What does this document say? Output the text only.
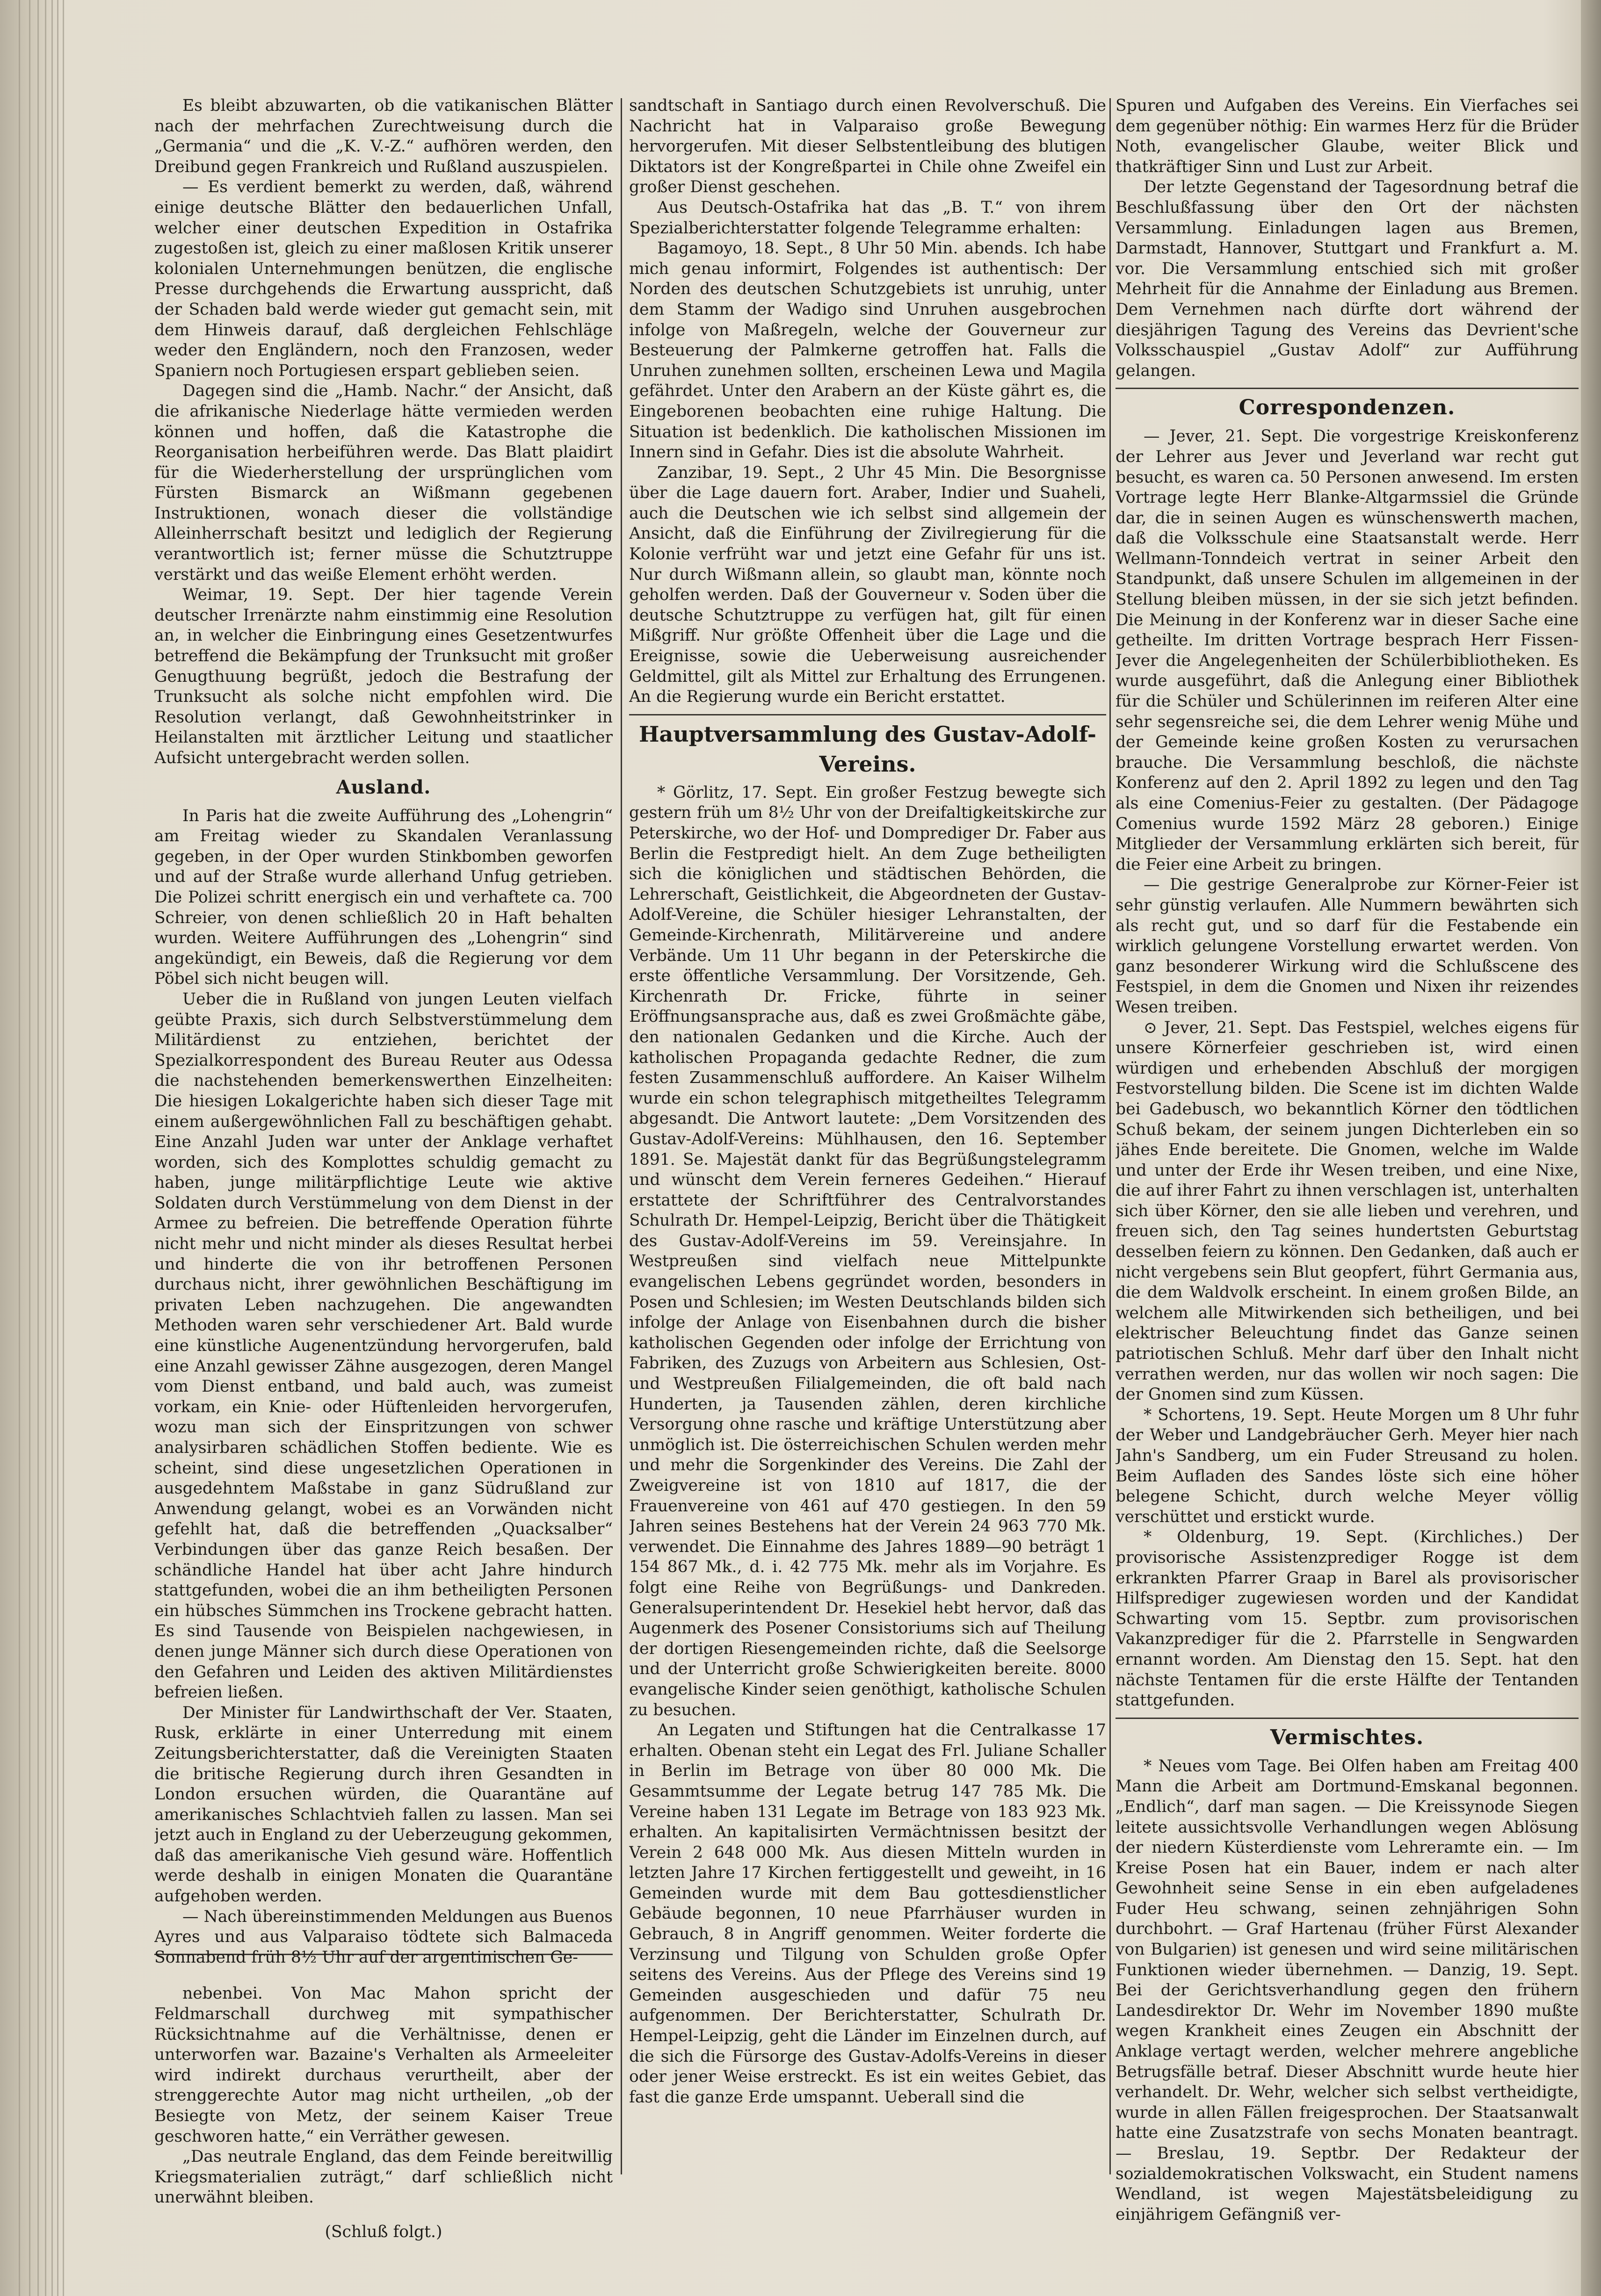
Es bleibt abzuwarten, ob die vatikanischen Blätter nach der mehrfachen Zurechtweisung durch die „Germania“ und die „K. V.-Z.“ aufhören werden, den Dreibund gegen Frankreich und Rußland auszuspielen.

— Es verdient bemerkt zu werden, daß, während einige deutsche Blätter den bedauerlichen Unfall, welcher einer deutschen Expedition in Ostafrika zugestoßen ist, gleich zu einer maßlosen Kritik unserer kolonialen Unternehmungen benützen, die englische Presse durchgehends die Erwartung ausspricht, daß der Schaden bald werde wieder gut gemacht sein, mit dem Hinweis darauf, daß dergleichen Fehlschläge weder den Engländern, noch den Franzosen, weder Spaniern noch Portugiesen erspart geblieben seien.

Dagegen sind die „Hamb. Nachr.“ der Ansicht, daß die afrikanische Niederlage hätte vermieden werden können und hoffen, daß die Katastrophe die Reorganisation herbeiführen werde. Das Blatt plaidirt für die Wiederherstellung der ursprünglichen vom Fürsten Bismarck an Wißmann gegebenen Instruktionen, wonach dieser die vollständige Alleinherrschaft besitzt und lediglich der Regierung verantwortlich ist; ferner müsse die Schutztruppe verstärkt und das weiße Element erhöht werden.

Weimar, 19. Sept. Der hier tagende Verein deutscher Irrenärzte nahm einstimmig eine Resolution an, in welcher die Einbringung eines Gesetzentwurfes betreffend die Bekämpfung der Trunksucht mit großer Genugthuung begrüßt, jedoch die Bestrafung der Trunksucht als solche nicht empfohlen wird. Die Resolution verlangt, daß Gewohnheitstrinker in Heilanstalten mit ärztlicher Leitung und staatlicher Aufsicht untergebracht werden sollen.

Ausland.

In Paris hat die zweite Aufführung des „Lohengrin“ am Freitag wieder zu Skandalen Veranlassung gegeben, in der Oper wurden Stinkbomben geworfen und auf der Straße wurde allerhand Unfug getrieben. Die Polizei schritt energisch ein und verhaftete ca. 700 Schreier, von denen schließlich 20 in Haft behalten wurden. Weitere Aufführungen des „Lohengrin“ sind angekündigt, ein Beweis, daß die Regierung vor dem Pöbel sich nicht beugen will.

Ueber die in Rußland von jungen Leuten vielfach geübte Praxis, sich durch Selbstverstümmelung dem Militärdienst zu entziehen, berichtet der Spezialkorrespondent des Bureau Reuter aus Odessa die nachstehenden bemerkenswerthen Einzelheiten: Die hiesigen Lokalgerichte haben sich dieser Tage mit einem außergewöhnlichen Fall zu beschäftigen gehabt. Eine Anzahl Juden war unter der Anklage verhaftet worden, sich des Komplottes schuldig gemacht zu haben, junge militärpflichtige Leute wie aktive Soldaten durch Verstümmelung von dem Dienst in der Armee zu befreien. Die betreffende Operation führte nicht mehr und nicht minder als dieses Resultat herbei und hinderte die von ihr betroffenen Personen durchaus nicht, ihrer gewöhnlichen Beschäftigung im privaten Leben nachzugehen. Die angewandten Methoden waren sehr verschiedener Art. Bald wurde eine künstliche Augenentzündung hervorgerufen, bald eine Anzahl gewisser Zähne ausgezogen, deren Mangel vom Dienst entband, und bald auch, was zumeist vorkam, ein Knie- oder Hüftenleiden hervorgerufen, wozu man sich der Einspritzungen von schwer analysirbaren schädlichen Stoffen bediente. Wie es scheint, sind diese ungesetzlichen Operationen in ausgedehntem Maßstabe in ganz Südrußland zur Anwendung gelangt, wobei es an Vorwänden nicht gefehlt hat, daß die betreffenden „Quacksalber“ Verbindungen über das ganze Reich besaßen. Der schändliche Handel hat über acht Jahre hindurch stattgefunden, wobei die an ihm betheiligten Personen ein hübsches Sümmchen ins Trockene gebracht hatten. Es sind Tausende von Beispielen nachgewiesen, in denen junge Männer sich durch diese Operationen von den Gefahren und Leiden des aktiven Militärdienstes befreien ließen.

Der Minister für Landwirthschaft der Ver. Staaten, Rusk, erklärte in einer Unterredung mit einem Zeitungsberichterstatter, daß die Vereinigten Staaten die britische Regierung durch ihren Gesandten in London ersuchen würden, die Quarantäne auf amerikanisches Schlachtvieh fallen zu lassen. Man sei jetzt auch in England zu der Ueberzeugung gekommen, daß das amerikanische Vieh gesund wäre. Hoffentlich werde deshalb in einigen Monaten die Quarantäne aufgehoben werden.

— Nach übereinstimmenden Meldungen aus Buenos Ayres und aus Valparaiso tödtete sich Balmaceda Sonnabend früh 8½ Uhr auf der argentinischen Ge-

nebenbei. Von Mac Mahon spricht der Feldmarschall durchweg mit sympathischer Rücksichtnahme auf die Verhältnisse, denen er unterworfen war. Bazaine's Verhalten als Armeeleiter wird indirekt durchaus verurtheilt, aber der strenggerechte Autor mag nicht urtheilen, „ob der Besiegte von Metz, der seinem Kaiser Treue geschworen hatte,“ ein Verräther gewesen.

„Das neutrale England, das dem Feinde bereitwillig Kriegsmaterialien zuträgt,“ darf schließlich nicht unerwähnt bleiben.

(Schluß folgt.)

sandtschaft in Santiago durch einen Revolverschuß. Die Nachricht hat in Valparaiso große Bewegung hervorgerufen. Mit dieser Selbstentleibung des blutigen Diktators ist der Kongreßpartei in Chile ohne Zweifel ein großer Dienst geschehen.

Aus Deutsch-Ostafrika hat das „B. T.“ von ihrem Spezialberichterstatter folgende Telegramme erhalten:

Bagamoyo, 18. Sept., 8 Uhr 50 Min. abends. Ich habe mich genau informirt, Folgendes ist authentisch: Der Norden des deutschen Schutzgebiets ist unruhig, unter dem Stamm der Wadigo sind Unruhen ausgebrochen infolge von Maßregeln, welche der Gouverneur zur Besteuerung der Palmkerne getroffen hat. Falls die Unruhen zunehmen sollten, erscheinen Lewa und Magila gefährdet. Unter den Arabern an der Küste gährt es, die Eingeborenen beobachten eine ruhige Haltung. Die Situation ist bedenklich. Die katholischen Missionen im Innern sind in Gefahr. Dies ist die absolute Wahrheit.

Zanzibar, 19. Sept., 2 Uhr 45 Min. Die Besorgnisse über die Lage dauern fort. Araber, Indier und Suaheli, auch die Deutschen wie ich selbst sind allgemein der Ansicht, daß die Einführung der Zivilregierung für die Kolonie verfrüht war und jetzt eine Gefahr für uns ist. Nur durch Wißmann allein, so glaubt man, könnte noch geholfen werden. Daß der Gouverneur v. Soden über die deutsche Schutztruppe zu verfügen hat, gilt für einen Mißgriff. Nur größte Offenheit über die Lage und die Ereignisse, sowie die Ueberweisung ausreichender Geldmittel, gilt als Mittel zur Erhaltung des Errungenen. An die Regierung wurde ein Bericht erstattet.

Hauptversammlung des Gustav-Adolf-Vereins.

* Görlitz, 17. Sept. Ein großer Festzug bewegte sich gestern früh um 8½ Uhr von der Dreifaltigkeitskirche zur Peterskirche, wo der Hof- und Domprediger Dr. Faber aus Berlin die Festpredigt hielt. An dem Zuge betheiligten sich die königlichen und städtischen Behörden, die Lehrerschaft, Geistlichkeit, die Abgeordneten der Gustav-Adolf-Vereine, die Schüler hiesiger Lehranstalten, der Gemeinde-Kirchenrath, Militärvereine und andere Verbände. Um 11 Uhr begann in der Peterskirche die erste öffentliche Versammlung. Der Vorsitzende, Geh. Kirchenrath Dr. Fricke, führte in seiner Eröffnungsansprache aus, daß es zwei Großmächte gäbe, den nationalen Gedanken und die Kirche. Auch der katholischen Propaganda gedachte Redner, die zum festen Zusammenschluß auffordere. An Kaiser Wilhelm wurde ein schon telegraphisch mitgetheiltes Telegramm abgesandt. Die Antwort lautete: „Dem Vorsitzenden des Gustav-Adolf-Vereins: Mühlhausen, den 16. September 1891. Se. Majestät dankt für das Begrüßungstelegramm und wünscht dem Verein ferneres Gedeihen.“ Hierauf erstattete der Schriftführer des Centralvorstandes Schulrath Dr. Hempel-Leipzig, Bericht über die Thätigkeit des Gustav-Adolf-Vereins im 59. Vereinsjahre. In Westpreußen sind vielfach neue Mittelpunkte evangelischen Lebens gegründet worden, besonders in Posen und Schlesien; im Westen Deutschlands bilden sich infolge der Anlage von Eisenbahnen durch die bisher katholischen Gegenden oder infolge der Errichtung von Fabriken, des Zuzugs von Arbeitern aus Schlesien, Ost- und Westpreußen Filialgemeinden, die oft bald nach Hunderten, ja Tausenden zählen, deren kirchliche Versorgung ohne rasche und kräftige Unterstützung aber unmöglich ist. Die österreichischen Schulen werden mehr und mehr die Sorgenkinder des Vereins. Die Zahl der Zweigvereine ist von 1810 auf 1817, die der Frauenvereine von 461 auf 470 gestiegen. In den 59 Jahren seines Bestehens hat der Verein 24 963 770 Mk. verwendet. Die Einnahme des Jahres 1889—90 beträgt 1 154 867 Mk., d. i. 42 775 Mk. mehr als im Vorjahre. Es folgt eine Reihe von Begrüßungs- und Dankreden. Generalsuperintendent Dr. Hesekiel hebt hervor, daß das Augenmerk des Posener Consistoriums sich auf Theilung der dortigen Riesengemeinden richte, daß die Seelsorge und der Unterricht große Schwierigkeiten bereite. 8000 evangelische Kinder seien genöthigt, katholische Schulen zu besuchen.

An Legaten und Stiftungen hat die Centralkasse 17 erhalten. Obenan steht ein Legat des Frl. Juliane Schaller in Berlin im Betrage von über 80 000 Mk. Die Gesammtsumme der Legate betrug 147 785 Mk. Die Vereine haben 131 Legate im Betrage von 183 923 Mk. erhalten. An kapitalisirten Vermächtnissen besitzt der Verein 2 648 000 Mk. Aus diesen Mitteln wurden in letzten Jahre 17 Kirchen fertiggestellt und geweiht, in 16 Gemeinden wurde mit dem Bau gottesdienstlicher Gebäude begonnen, 10 neue Pfarrhäuser wurden in Gebrauch, 8 in Angriff genommen. Weiter forderte die Verzinsung und Tilgung von Schulden große Opfer seitens des Vereins. Aus der Pflege des Vereins sind 19 Gemeinden ausgeschieden und dafür 75 neu aufgenommen. Der Berichterstatter, Schulrath Dr. Hempel-Leipzig, geht die Länder im Einzelnen durch, auf die sich die Fürsorge des Gustav-Adolfs-Vereins in dieser oder jener Weise erstreckt. Es ist ein weites Gebiet, das fast die ganze Erde umspannt. Ueberall sind die

Spuren und Aufgaben des Vereins. Ein Vierfaches sei dem gegenüber nöthig: Ein warmes Herz für die Brüder Noth, evangelischer Glaube, weiter Blick und thatkräftiger Sinn und Lust zur Arbeit.

Der letzte Gegenstand der Tagesordnung betraf die Beschlußfassung über den Ort der nächsten Versammlung. Einladungen lagen aus Bremen, Darmstadt, Hannover, Stuttgart und Frankfurt a. M. vor. Die Versammlung entschied sich mit großer Mehrheit für die Annahme der Einladung aus Bremen. Dem Vernehmen nach dürfte dort während der diesjährigen Tagung des Vereins das Devrient'sche Volksschauspiel „Gustav Adolf“ zur Aufführung gelangen.

Correspondenzen.

— Jever, 21. Sept. Die vorgestrige Kreiskonferenz der Lehrer aus Jever und Jeverland war recht gut besucht, es waren ca. 50 Personen anwesend. Im ersten Vortrage legte Herr Blanke-Altgarmssiel die Gründe dar, die in seinen Augen es wünschenswerth machen, daß die Volksschule eine Staatsanstalt werde. Herr Wellmann-Tonndeich vertrat in seiner Arbeit den Standpunkt, daß unsere Schulen im allgemeinen in der Stellung bleiben müssen, in der sie sich jetzt befinden. Die Meinung in der Konferenz war in dieser Sache eine getheilte. Im dritten Vortrage besprach Herr Fissen-Jever die Angelegenheiten der Schülerbibliotheken. Es wurde ausgeführt, daß die Anlegung einer Bibliothek für die Schüler und Schülerinnen im reiferen Alter eine sehr segensreiche sei, die dem Lehrer wenig Mühe und der Gemeinde keine großen Kosten zu verursachen brauche. Die Versammlung beschloß, die nächste Konferenz auf den 2. April 1892 zu legen und den Tag als eine Comenius-Feier zu gestalten. (Der Pädagoge Comenius wurde 1592 März 28 geboren.) Einige Mitglieder der Versammlung erklärten sich bereit, für die Feier eine Arbeit zu bringen.

— Die gestrige Generalprobe zur Körner-Feier ist sehr günstig verlaufen. Alle Nummern bewährten sich als recht gut, und so darf für die Festabende ein wirklich gelungene Vorstellung erwartet werden. Von ganz besonderer Wirkung wird die Schlußscene des Festspiel, in dem die Gnomen und Nixen ihr reizendes Wesen treiben.

⊙ Jever, 21. Sept. Das Festspiel, welches eigens für unsere Körnerfeier geschrieben ist, wird einen würdigen und erhebenden Abschluß der morgigen Festvorstellung bilden. Die Scene ist im dichten Walde bei Gadebusch, wo bekanntlich Körner den tödtlichen Schuß bekam, der seinem jungen Dichterleben ein so jähes Ende bereitete. Die Gnomen, welche im Walde und unter der Erde ihr Wesen treiben, und eine Nixe, die auf ihrer Fahrt zu ihnen verschlagen ist, unterhalten sich über Körner, den sie alle lieben und verehren, und freuen sich, den Tag seines hundertsten Geburtstag desselben feiern zu können. Den Gedanken, daß auch er nicht vergebens sein Blut geopfert, führt Germania aus, die dem Waldvolk erscheint. In einem großen Bilde, an welchem alle Mitwirkenden sich betheiligen, und bei elektrischer Beleuchtung findet das Ganze seinen patriotischen Schluß. Mehr darf über den Inhalt nicht verrathen werden, nur das wollen wir noch sagen: Die der Gnomen sind zum Küssen.

* Schortens, 19. Sept. Heute Morgen um 8 Uhr fuhr der Weber und Landgebräucher Gerh. Meyer hier nach Jahn's Sandberg, um ein Fuder Streusand zu holen. Beim Aufladen des Sandes löste sich eine höher belegene Schicht, durch welche Meyer völlig verschüttet und erstickt wurde.

* Oldenburg, 19. Sept. (Kirchliches.) Der provisorische Assistenzprediger Rogge ist dem erkrankten Pfarrer Graap in Barel als provisorischer Hilfsprediger zugewiesen worden und der Kandidat Schwarting vom 15. Septbr. zum provisorischen Vakanzprediger für die 2. Pfarrstelle in Sengwarden ernannt worden. Am Dienstag den 15. Sept. hat den nächste Tentamen für die erste Hälfte der Tentanden stattgefunden.

Vermischtes.

* Neues vom Tage. Bei Olfen haben am Freitag 400 Mann die Arbeit am Dortmund-Emskanal begonnen. „Endlich“, darf man sagen. — Die Kreissynode Siegen leitete aussichtsvolle Verhandlungen wegen Ablösung der niedern Küsterdienste vom Lehreramte ein. — Im Kreise Posen hat ein Bauer, indem er nach alter Gewohnheit seine Sense in ein eben aufgeladenes Fuder Heu schwang, seinen zehnjährigen Sohn durchbohrt. — Graf Hartenau (früher Fürst Alexander von Bulgarien) ist genesen und wird seine militärischen Funktionen wieder übernehmen. — Danzig, 19. Sept. Bei der Gerichtsverhandlung gegen den frühern Landesdirektor Dr. Wehr im November 1890 mußte wegen Krankheit eines Zeugen ein Abschnitt der Anklage vertagt werden, welcher mehrere angebliche Betrugsfälle betraf. Dieser Abschnitt wurde heute hier verhandelt. Dr. Wehr, welcher sich selbst vertheidigte, wurde in allen Fällen freigesprochen. Der Staatsanwalt hatte eine Zusatzstrafe von sechs Monaten beantragt. — Breslau, 19. Septbr. Der Redakteur der sozialdemokratischen Volkswacht, ein Student namens Wendland, ist wegen Majestätsbeleidigung zu einjährigem Gefängniß ver-
